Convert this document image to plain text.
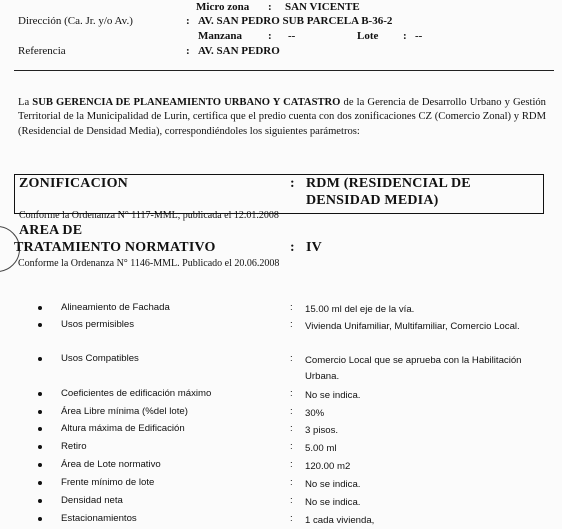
Micro zona : SAN VICENTE
Dirección (Ca. Jr. y/o Av.)	: AV. SAN PEDRO SUB PARCELA B-36-2
Manzana : --	Lote : --
Referencia	: AV. SAN PEDRO
La SUB GERENCIA DE PLANEAMIENTO URBANO Y CATASTRO de la Gerencia de Desarrollo Urbano y Gestión Territorial de la Municipalidad de Lurin, certifica que el predio cuenta con dos zonificaciones CZ (Comercio Zonal) y RDM (Residencial de Densidad Media), correspondiéndoles los siguientes parámetros:
ZONIFICACION	: RDM (RESIDENCIAL DE
DENSIDAD MEDIA)
Conforme la Ordenanza N° 1117-MML, publicada el 12.01.2008
AREA DE
TRATAMIENTO NORMATIVO	: IV
Conforme la Ordenanza N° 1146-MML. Publicado el 20.06.2008
Alineamiento de Fachada	: 15.00 ml del eje de la vía.
Usos permisibles	: Vivienda Unifamiliar, Multifamiliar, Comercio Local.
Usos Compatibles	: Comercio Local que se aprueba con la Habilitación Urbana.
Coeficientes de edificación máximo	: No se indica.
Área Libre mínima (%del lote)	: 30%
Altura máxima de Edificación	: 3 pisos.
Retiro	: 5.00 ml
Área de Lote normativo	: 120.00 m2
Frente mínimo de lote	: No se indica.
Densidad neta	: No se indica.
Estacionamientos	: 1 cada vivienda,
